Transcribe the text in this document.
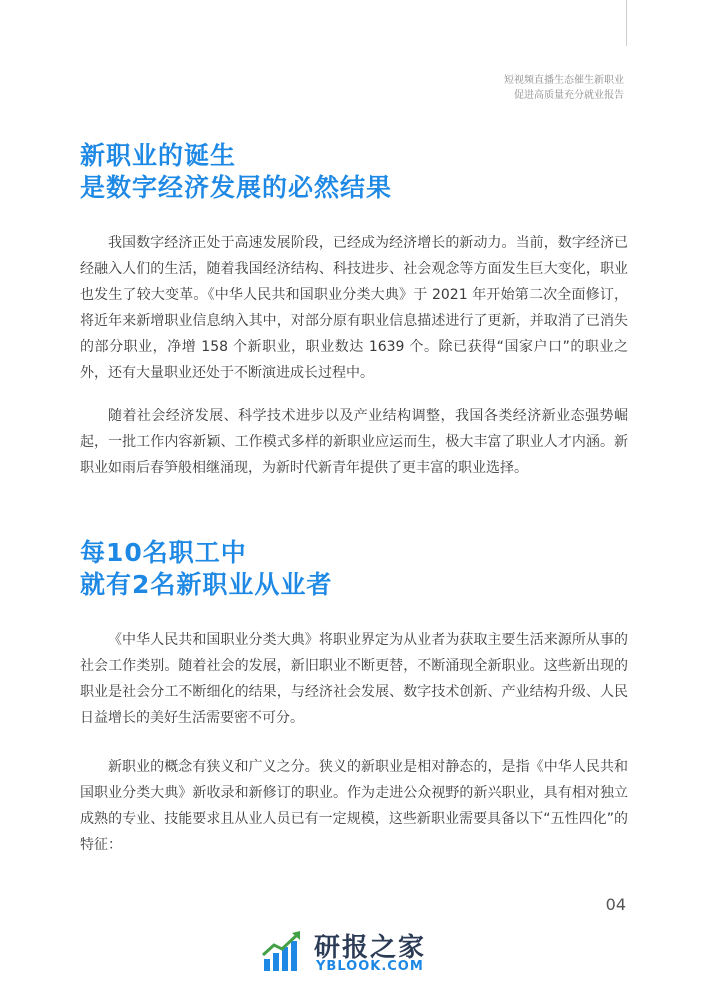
短视频直播生态催生新职业
促进高质量充分就业报告
新职业的诞生
是数字经济发展的必然结果

我国数字经济正处于高速发展阶段，已经成为经济增长的新动力。当前，数字经济已经融入人们的生活，随着我国经济结构、科技进步、社会观念等方面发生巨大变化，职业也发生了较大变革。《中华人民共和国职业分类大典》于 2021 年开始第二次全面修订，将近年来新增职业信息纳入其中，对部分原有职业信息描述进行了更新，并取消了已消失的部分职业，净增 158 个新职业，职业数达 1639 个。除已获得“国家户口”的职业之外，还有大量职业还处于不断演进成长过程中。

随着社会经济发展、科学技术进步以及产业结构调整，我国各类经济新业态强势崛起，一批工作内容新颖、工作模式多样的新职业应运而生，极大丰富了职业人才内涵。新职业如雨后春笋般相继涌现，为新时代新青年提供了更丰富的职业选择。

每10名职工中
就有2名新职业从业者

《中华人民共和国职业分类大典》将职业界定为从业者为获取主要生活来源所从事的社会工作类别。随着社会的发展，新旧职业不断更替，不断涌现全新职业。这些新出现的职业是社会分工不断细化的结果，与经济社会发展、数字技术创新、产业结构升级、人民日益增长的美好生活需要密不可分。

新职业的概念有狭义和广义之分。狭义的新职业是相对静态的，是指《中华人民共和国职业分类大典》新收录和新修订的职业。作为走进公众视野的新兴职业，具有相对独立成熟的专业、技能要求且从业人员已有一定规模，这些新职业需要具备以下“五性四化”的特征：

04
研报之家
YBLOOK.COM
